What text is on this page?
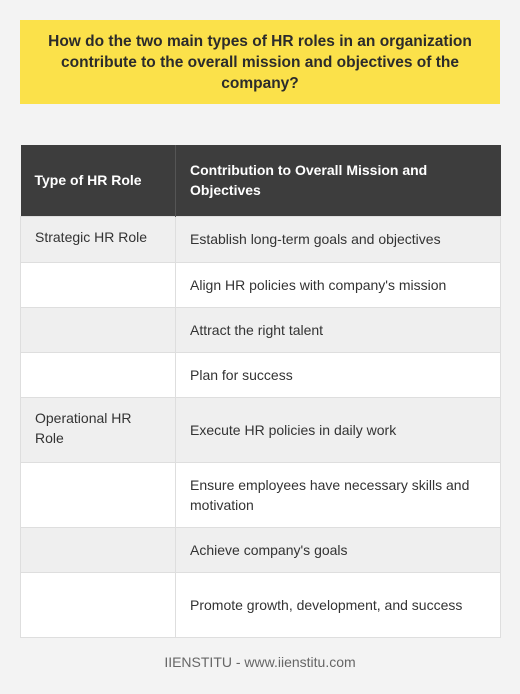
How do the two main types of HR roles in an organization contribute to the overall mission and objectives of the company?

Type of HR Role	Contribution to Overall Mission and Objectives
Strategic HR Role	Establish long-term goals and objectives
	Align HR policies with company's mission
	Attract the right talent
	Plan for success
Operational HR Role	Execute HR policies in daily work
	Ensure employees have necessary skills and motivation
	Achieve company's goals
	Promote growth, development, and success
IIENSTITU - www.iienstitu.com
